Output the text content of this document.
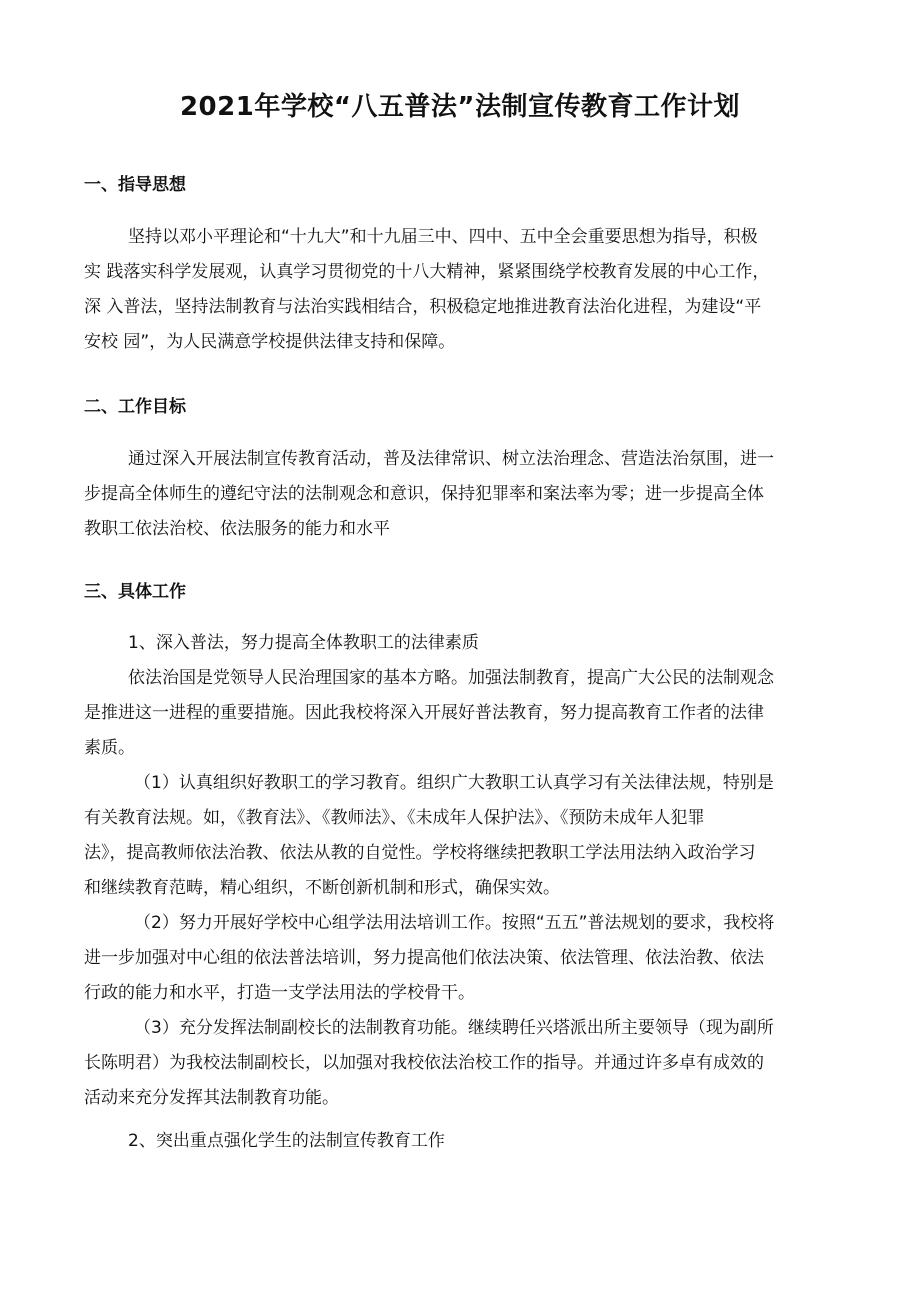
2021年学校“八五普法”法制宣传教育工作计划
一、指导思想
坚持以邓小平理论和“十九大”和十九届三中、四中、五中全会重要思想为指导，积极
实 践落实科学发展观，认真学习贯彻党的十八大精神，紧紧围绕学校教育发展的中心工作，
深 入普法，坚持法制教育与法治实践相结合，积极稳定地推进教育法治化进程，为建设“平
安校 园”，为人民满意学校提供法律支持和保障。
二、工作目标
通过深入开展法制宣传教育活动，普及法律常识、树立法治理念、营造法治氛围，进一
步提高全体师生的遵纪守法的法制观念和意识，保持犯罪率和案法率为零；进一步提高全体
教职工依法治校、依法服务的能力和水平
三、具体工作
1、深入普法，努力提高全体教职工的法律素质
依法治国是党领导人民治理国家的基本方略。加强法制教育，提高广大公民的法制观念
是推进这一进程的重要措施。因此我校将深入开展好普法教育，努力提高教育工作者的法律
素质。
（1）认真组织好教职工的学习教育。组织广大教职工认真学习有关法律法规，特别是
有关教育法规。如，《教育法》、《教师法》、《未成年人保护法》、《预防未成年人犯罪
法》，提高教师依法治教、依法从教的自觉性。学校将继续把教职工学法用法纳入政治学习
和继续教育范畴，精心组织，不断创新机制和形式，确保实效。
（2）努力开展好学校中心组学法用法培训工作。按照“五五”普法规划的要求，我校将
进一步加强对中心组的依法普法培训，努力提高他们依法决策、依法管理、依法治教、依法
行政的能力和水平，打造一支学法用法的学校骨干。
（3）充分发挥法制副校长的法制教育功能。继续聘任兴塔派出所主要领导（现为副所
长陈明君）为我校法制副校长，以加强对我校依法治校工作的指导。并通过许多卓有成效的
活动来充分发挥其法制教育功能。
2、突出重点强化学生的法制宣传教育工作
